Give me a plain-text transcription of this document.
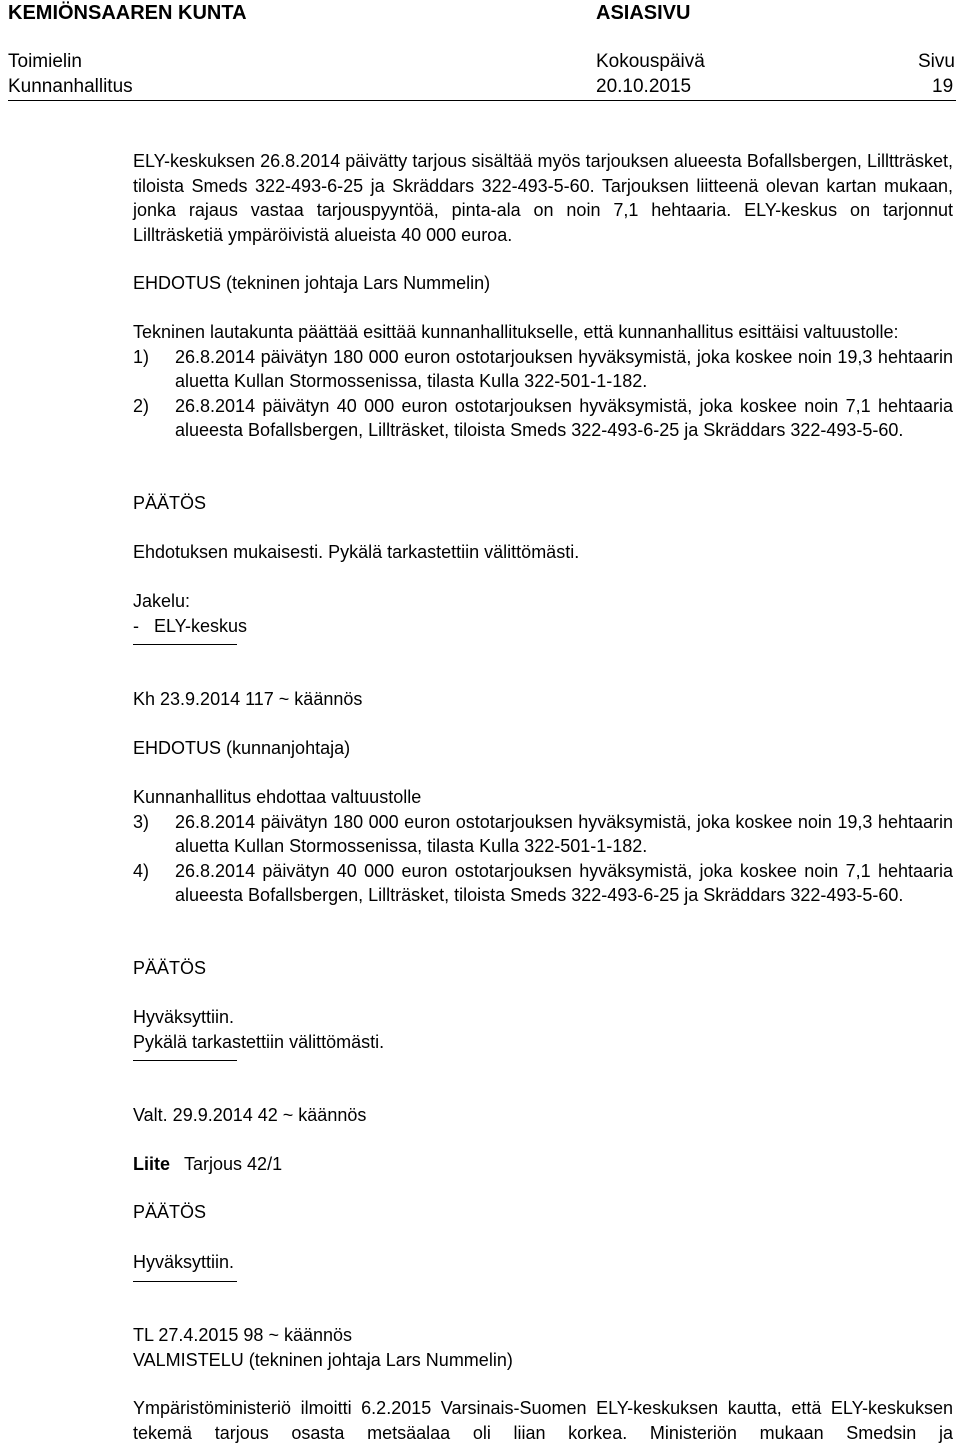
KEMIÖNSAAREN KUNTA	ASIASIVU
Toimielin	Kokouspäivä	Sivu
Kunnanhallitus	20.10.2015	19

ELY-keskuksen 26.8.2014 päivätty tarjous sisältää myös tarjouksen alueesta Bofallsbergen, Lilltträsket, tiloista Smeds 322-493-6-25 ja Skräddars 322-493-5-60. Tarjouksen liitteenä olevan kartan mukaan, jonka rajaus vastaa tarjouspyyntöä, pinta-ala on noin 7,1 hehtaaria. ELY-keskus on tarjonnut Lillträsketiä ympäröivistä alueista 40 000 euroa.

EHDOTUS (tekninen johtaja Lars Nummelin)

Tekninen lautakunta päättää esittää kunnanhallitukselle, että kunnanhallitus esittäisi valtuustolle:

1) 26.8.2014 päivätyn 180 000 euron ostotarjouksen hyväksymistä, joka koskee noin 19,3 hehtaarin aluetta Kullan Stormossenissa, tilasta Kulla 322-501-1-182.
2) 26.8.2014 päivätyn 40 000 euron ostotarjouksen hyväksymistä, joka koskee noin 7,1 hehtaaria alueesta Bofallsbergen, Lillträsket, tiloista Smeds 322-493-6-25 ja Skräddars 322-493-5-60.

PÄÄTÖS

Ehdotuksen mukaisesti. Pykälä tarkastettiin välittömästi.

Jakelu:

-   ELY-keskus

Kh 23.9.2014 117 ~ käännös

EHDOTUS (kunnanjohtaja)

Kunnanhallitus ehdottaa valtuustolle

3) 26.8.2014 päivätyn 180 000 euron ostotarjouksen hyväksymistä, joka koskee noin 19,3 hehtaarin aluetta Kullan Stormossenissa, tilasta Kulla 322-501-1-182.
4) 26.8.2014 päivätyn 40 000 euron ostotarjouksen hyväksymistä, joka koskee noin 7,1 hehtaaria alueesta Bofallsbergen, Lillträsket, tiloista Smeds 322-493-6-25 ja Skräddars 322-493-5-60.

PÄÄTÖS

Hyväksyttiin.

Pykälä tarkastettiin välittömästi.

Valt. 29.9.2014 42 ~ käännös

Liite Tarjous 42/1

PÄÄTÖS

Hyväksyttiin.

TL 27.4.2015 98 ~ käännös

VALMISTELU (tekninen johtaja Lars Nummelin)

Ympäristöministeriö ilmoitti 6.2.2015 Varsinais-Suomen ELY-keskuksen kautta, että ELY-keskuksen tekemä tarjous osasta metsäalaa oli liian korkea. Ministeriön mukaan Smedsin ja
